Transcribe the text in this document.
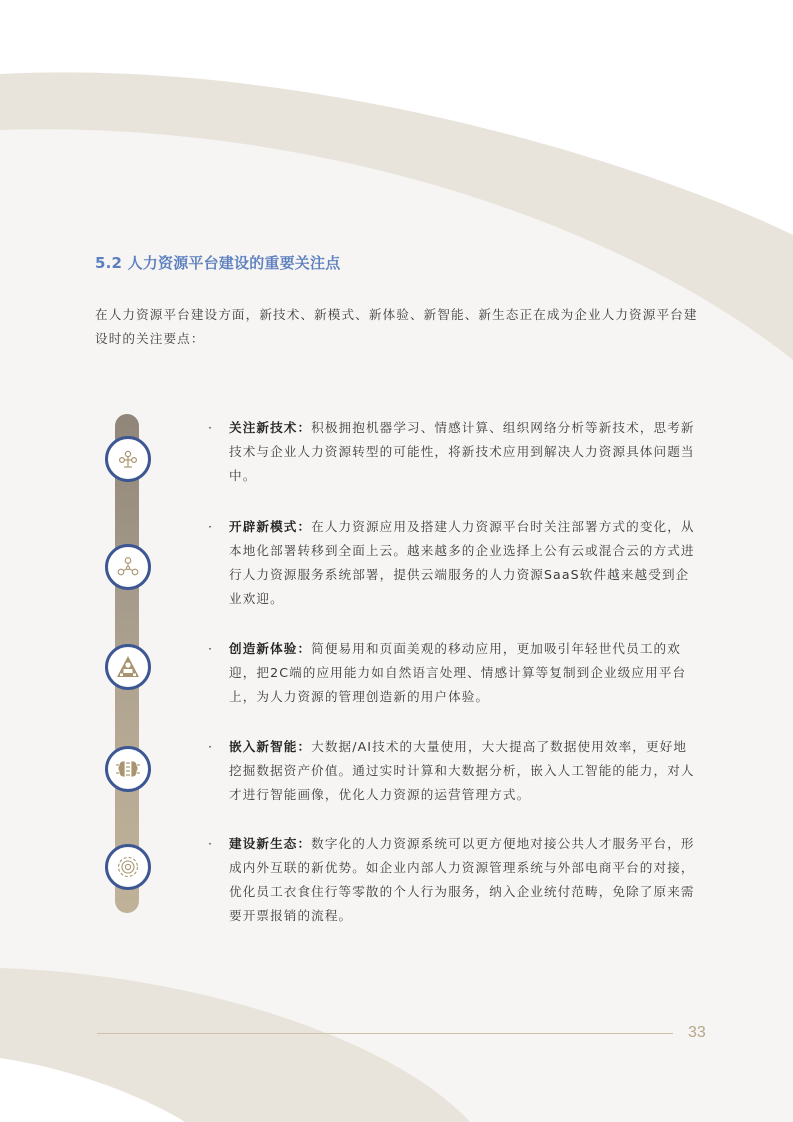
5.2 人力资源平台建设的重要关注点
在人力资源平台建设方面，新技术、新模式、新体验、新智能、新生态正在成为企业人力资源平台建设时的关注要点：
· 关注新技术：积极拥抱机器学习、情感计算、组织网络分析等新技术，思考新技术与企业人力资源转型的可能性，将新技术应用到解决人力资源具体问题当中。
· 开辟新模式：在人力资源应用及搭建人力资源平台时关注部署方式的变化，从本地化部署转移到全面上云。越来越多的企业选择上公有云或混合云的方式进行人力资源服务系统部署，提供云端服务的人力资源SaaS软件越来越受到企业欢迎。
· 创造新体验：简便易用和页面美观的移动应用，更加吸引年轻世代员工的欢迎，把2C端的应用能力如自然语言处理、情感计算等复制到企业级应用平台上，为人力资源的管理创造新的用户体验。
· 嵌入新智能：大数据/AI技术的大量使用，大大提高了数据使用效率，更好地挖掘数据资产价值。通过实时计算和大数据分析，嵌入人工智能的能力，对人才进行智能画像，优化人力资源的运营管理方式。
· 建设新生态：数字化的人力资源系统可以更方便地对接公共人才服务平台，形成内外互联的新优势。如企业内部人力资源管理系统与外部电商平台的对接，优化员工衣食住行等零散的个人行为服务，纳入企业统付范畴，免除了原来需要开票报销的流程。
33
